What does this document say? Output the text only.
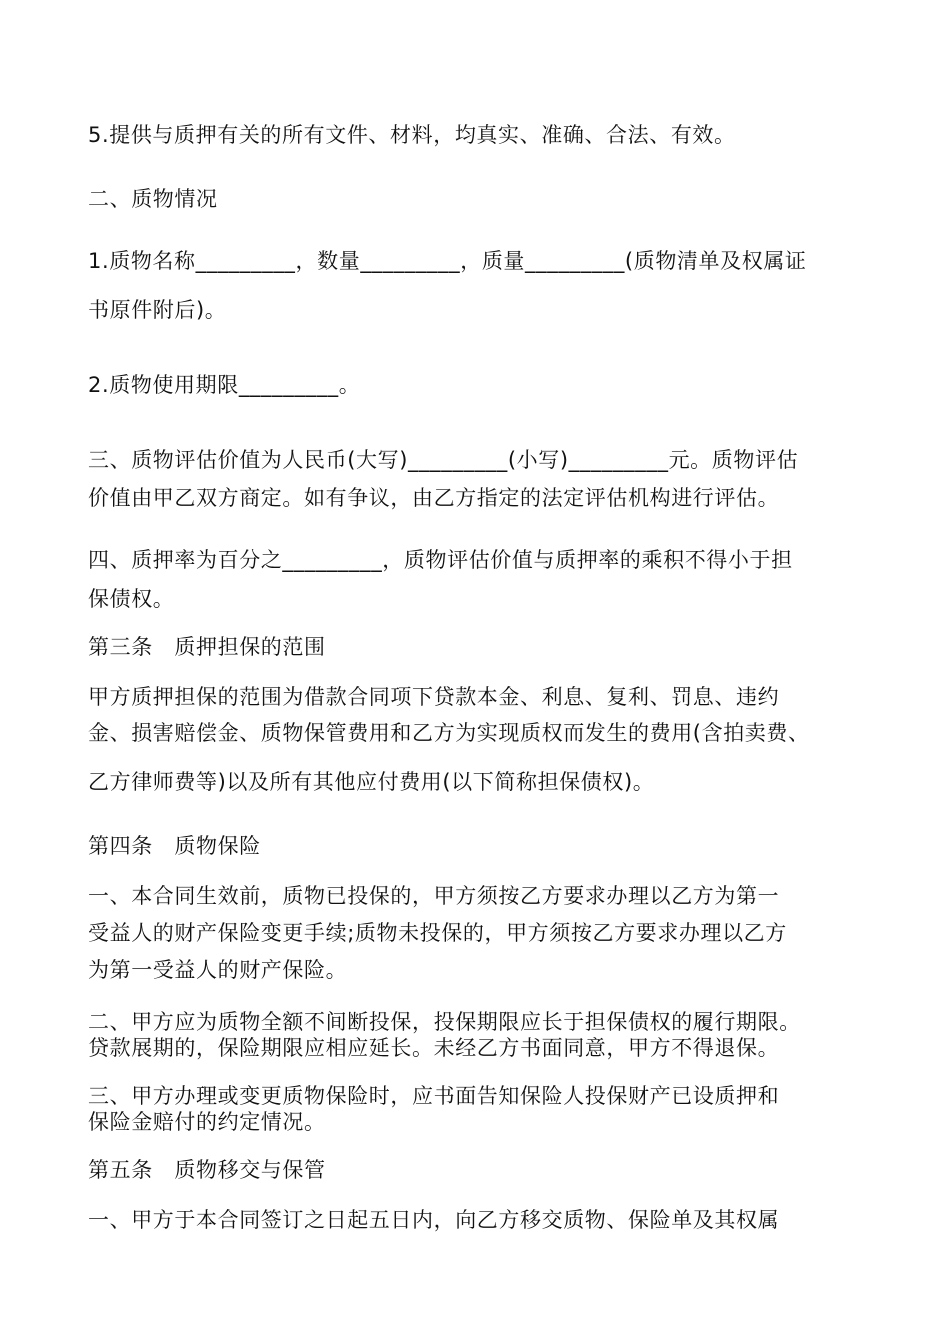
5.提供与质押有关的所有文件、材料，均真实、准确、合法、有效。

二、质物情况

1.质物名称_________，数量_________，质量_________(质物清单及权属证

书原件附后)。

2.质物使用期限_________。

三、质物评估价值为人民币(大写)_________(小写)_________元。质物评估

价值由甲乙双方商定。如有争议，由乙方指定的法定评估机构进行评估。

四、质押率为百分之_________，质物评估价值与质押率的乘积不得小于担

保债权。

第三条　质押担保的范围

甲方质押担保的范围为借款合同项下贷款本金、利息、复利、罚息、违约

金、损害赔偿金、质物保管费用和乙方为实现质权而发生的费用(含拍卖费、

乙方律师费等)以及所有其他应付费用(以下简称担保债权)。

第四条　质物保险

一、本合同生效前，质物已投保的，甲方须按乙方要求办理以乙方为第一

受益人的财产保险变更手续;质物未投保的，甲方须按乙方要求办理以乙方

为第一受益人的财产保险。

二、甲方应为质物全额不间断投保，投保期限应长于担保债权的履行期限。

贷款展期的，保险期限应相应延长。未经乙方书面同意，甲方不得退保。

三、甲方办理或变更质物保险时，应书面告知保险人投保财产已设质押和

保险金赔付的约定情况。

第五条　质物移交与保管

一、甲方于本合同签订之日起五日内，向乙方移交质物、保险单及其权属
